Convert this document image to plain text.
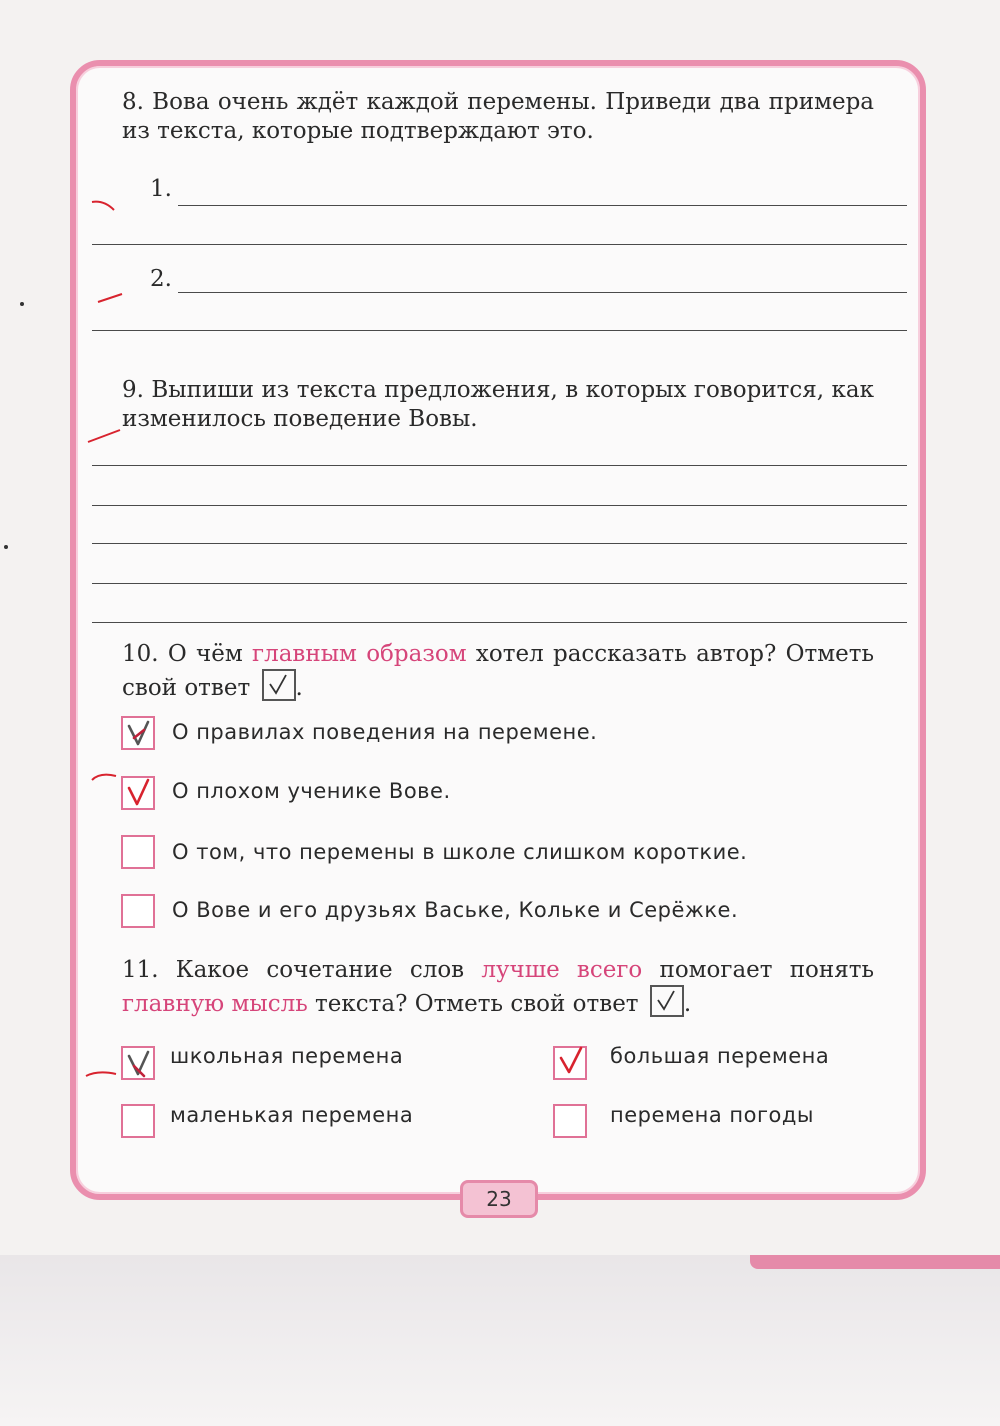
8. Вова очень ждёт каждой перемены. Приведи два примера из текста, которые подтверждают это.
1.
2.
9. Выпиши из текста предложения, в которых говорится, как изменилось поведение Вовы.
10. О чём главным образом хотел рассказать автор? Отметь свой ответ .
О правилах поведения на перемене.
О плохом ученике Вове.
О том, что перемены в школе слишком короткие.
О Вове и его друзьях Ваське, Кольке и Серёжке.
11. Какое сочетание слов лучше всего помогает понять главную мысль текста? Отметь свой ответ .
школьная перемена	большая перемена
маленькая перемена	перемена погоды
23
